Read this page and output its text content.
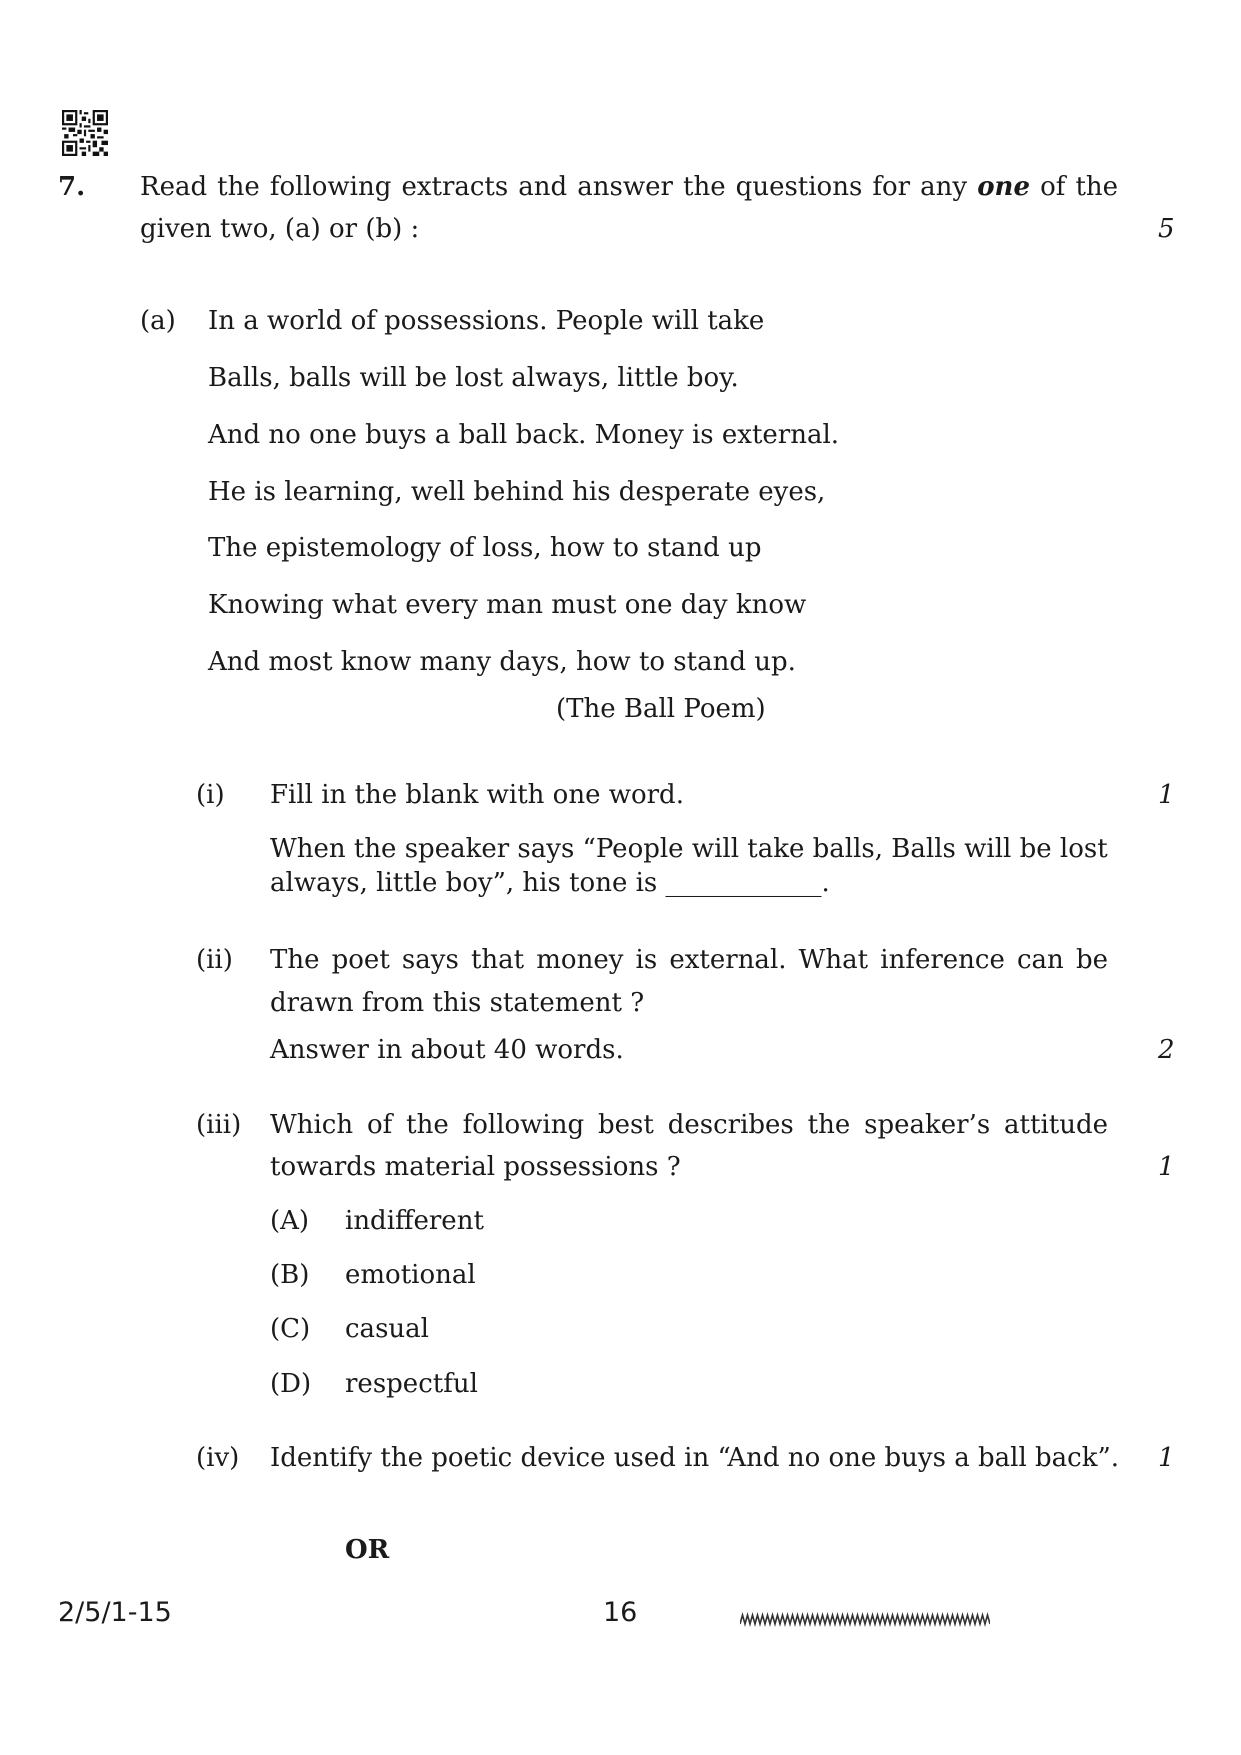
7. Read the following extracts and answer the questions for any one of the
given two, (a) or (b) :	5
(a) In a world of possessions. People will take
Balls, balls will be lost always, little boy.
And no one buys a ball back. Money is external.
He is learning, well behind his desperate eyes,
The epistemology of loss, how to stand up
Knowing what every man must one day know
And most know many days, how to stand up.
(The Ball Poem)
(i) Fill in the blank with one word.	1
When the speaker says “People will take balls, Balls will be lost
always, little boy”, his tone is ____________.
(ii) The poet says that money is external. What inference can be
drawn from this statement ?
Answer in about 40 words.	2
(iii) Which of the following best describes the speaker’s attitude
towards material possessions ?	1
(A) indifferent
(B) emotional
(C) casual
(D) respectful
(iv) Identify the poetic device used in “And no one buys a ball back”. 1
OR
2/5/1-15	16
